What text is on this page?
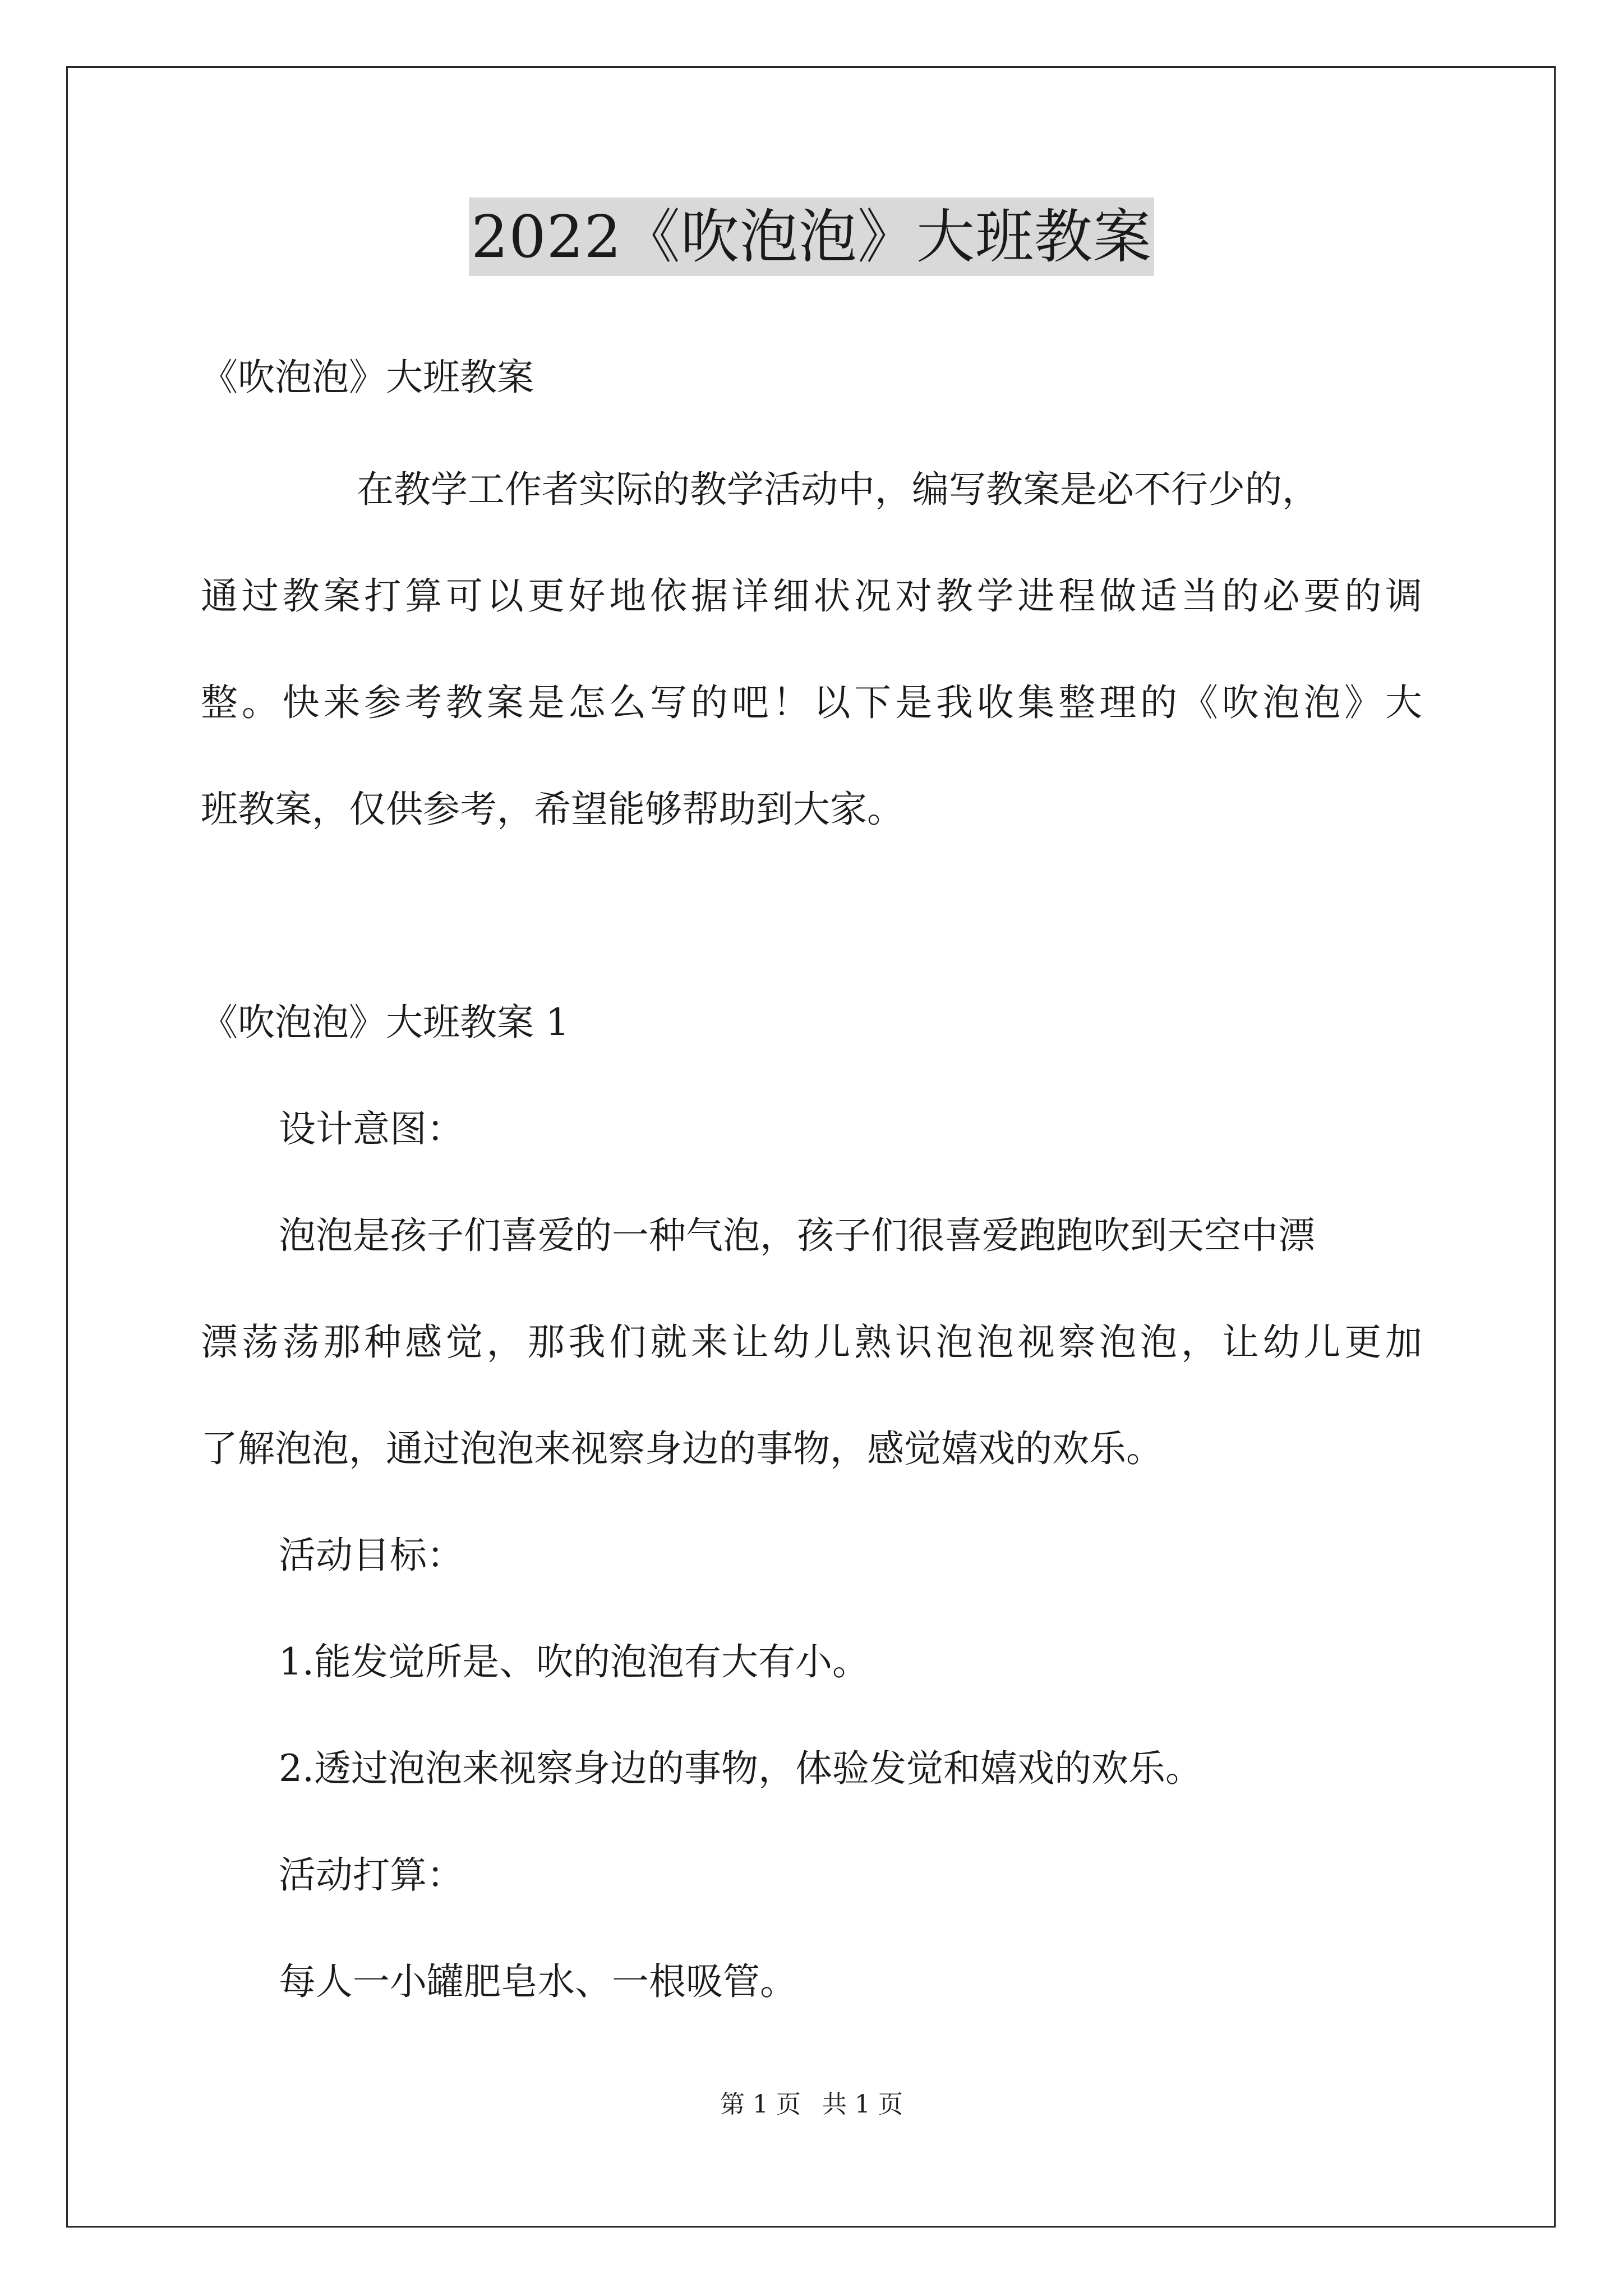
2022《吹泡泡》大班教案
《吹泡泡》大班教案
在教学工作者实际的教学活动中，编写教案是必不行少的，
通过教案打算可以更好地依据详细状况对教学进程做适当的必要的调
整。快来参考教案是怎么写的吧！以下是我收集整理的《吹泡泡》大
班教案，仅供参考，希望能够帮助到大家。
《吹泡泡》大班教案 1
设计意图：
泡泡是孩子们喜爱的一种气泡，孩子们很喜爱跑跑吹到天空中漂
漂荡荡那种感觉，那我们就来让幼儿熟识泡泡视察泡泡，让幼儿更加
了解泡泡，通过泡泡来视察身边的事物，感觉嬉戏的欢乐。
活动目标：
1.能发觉所是、吹的泡泡有大有小。
2.透过泡泡来视察身边的事物，体验发觉和嬉戏的欢乐。
活动打算：
每人一小罐肥皂水、一根吸管。
第 1 页 共 1 页
